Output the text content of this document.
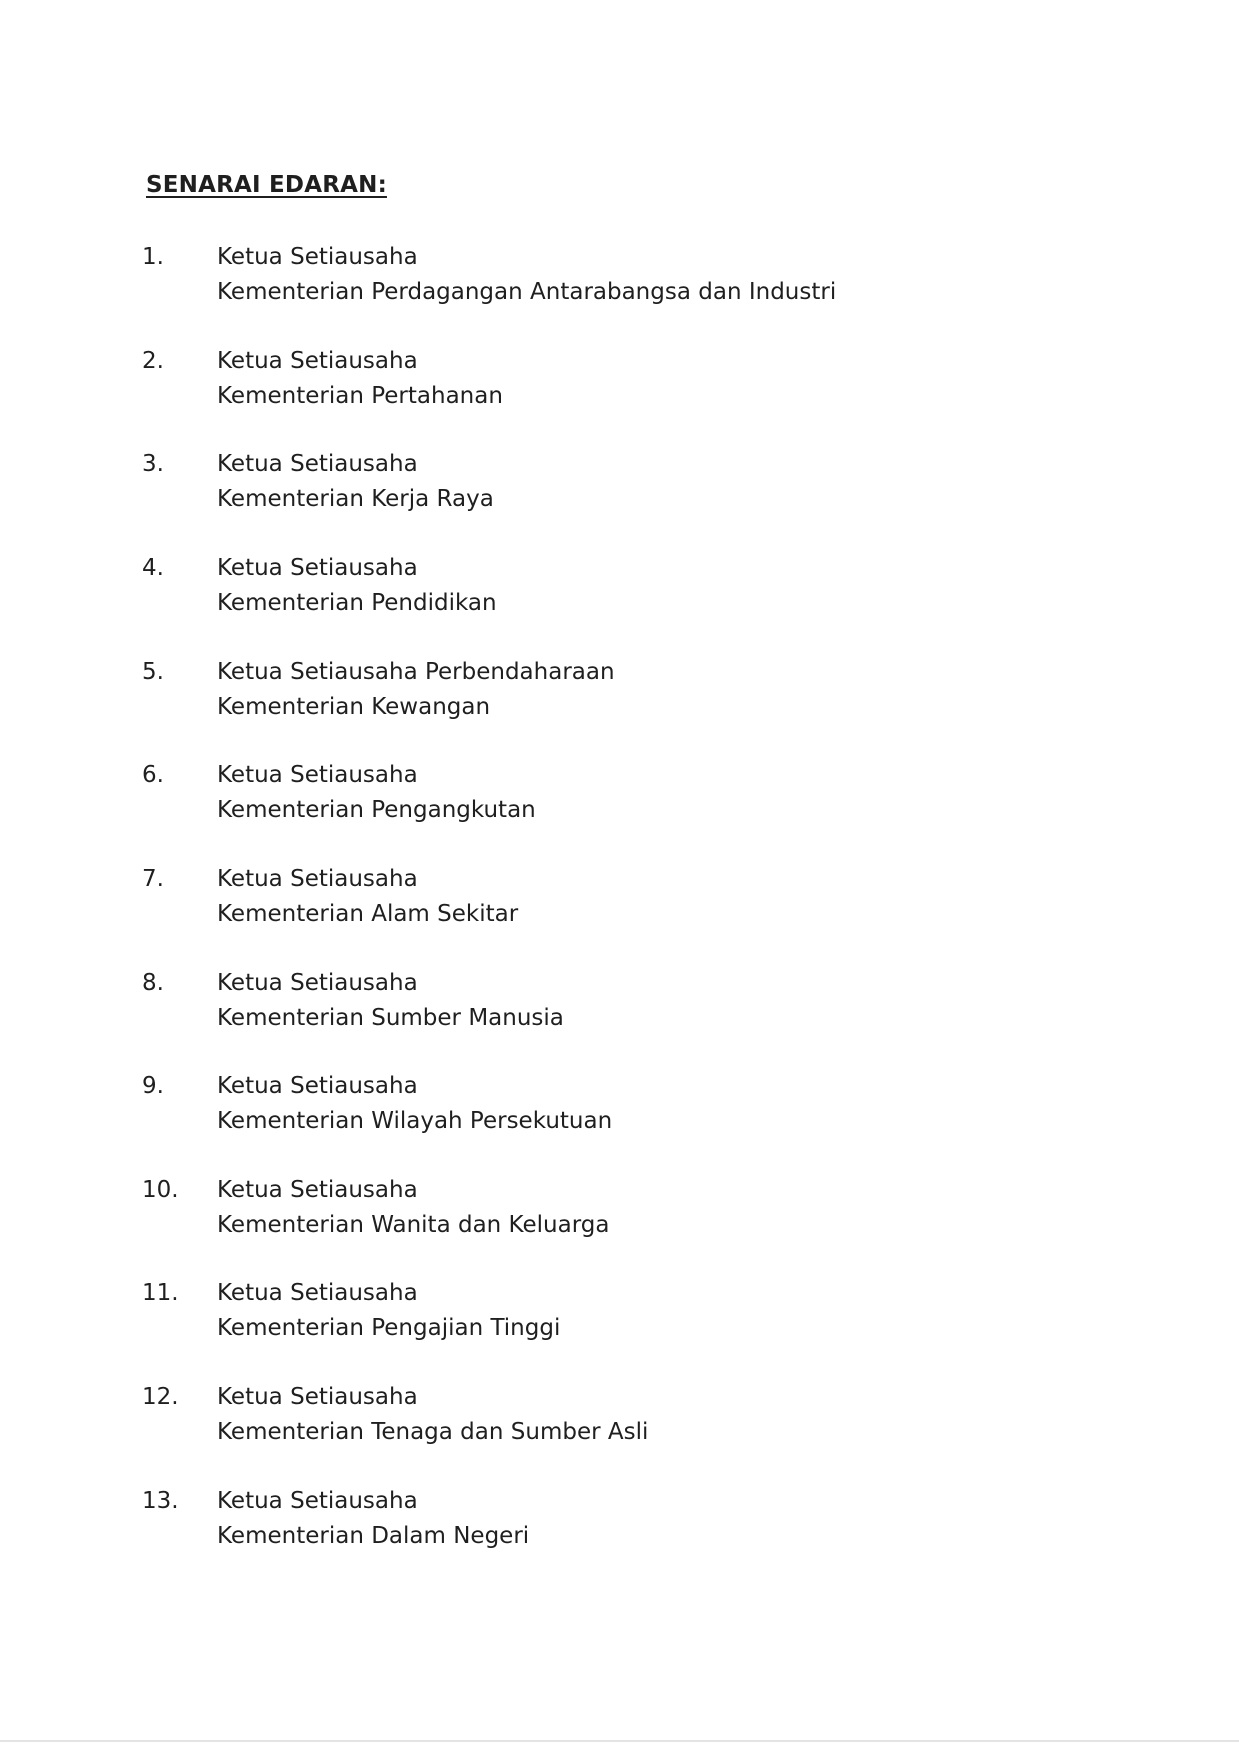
SENARAI EDARAN:
1. Ketua Setiausaha
Kementerian Perdagangan Antarabangsa dan Industri
2. Ketua Setiausaha
Kementerian Pertahanan
3. Ketua Setiausaha
Kementerian Kerja Raya
4. Ketua Setiausaha
Kementerian Pendidikan
5. Ketua Setiausaha Perbendaharaan
Kementerian Kewangan
6. Ketua Setiausaha
Kementerian Pengangkutan
7. Ketua Setiausaha
Kementerian Alam Sekitar
8. Ketua Setiausaha
Kementerian Sumber Manusia
9. Ketua Setiausaha
Kementerian Wilayah Persekutuan
10. Ketua Setiausaha
Kementerian Wanita dan Keluarga
11. Ketua Setiausaha
Kementerian Pengajian Tinggi
12. Ketua Setiausaha
Kementerian Tenaga dan Sumber Asli
13. Ketua Setiausaha
Kementerian Dalam Negeri
